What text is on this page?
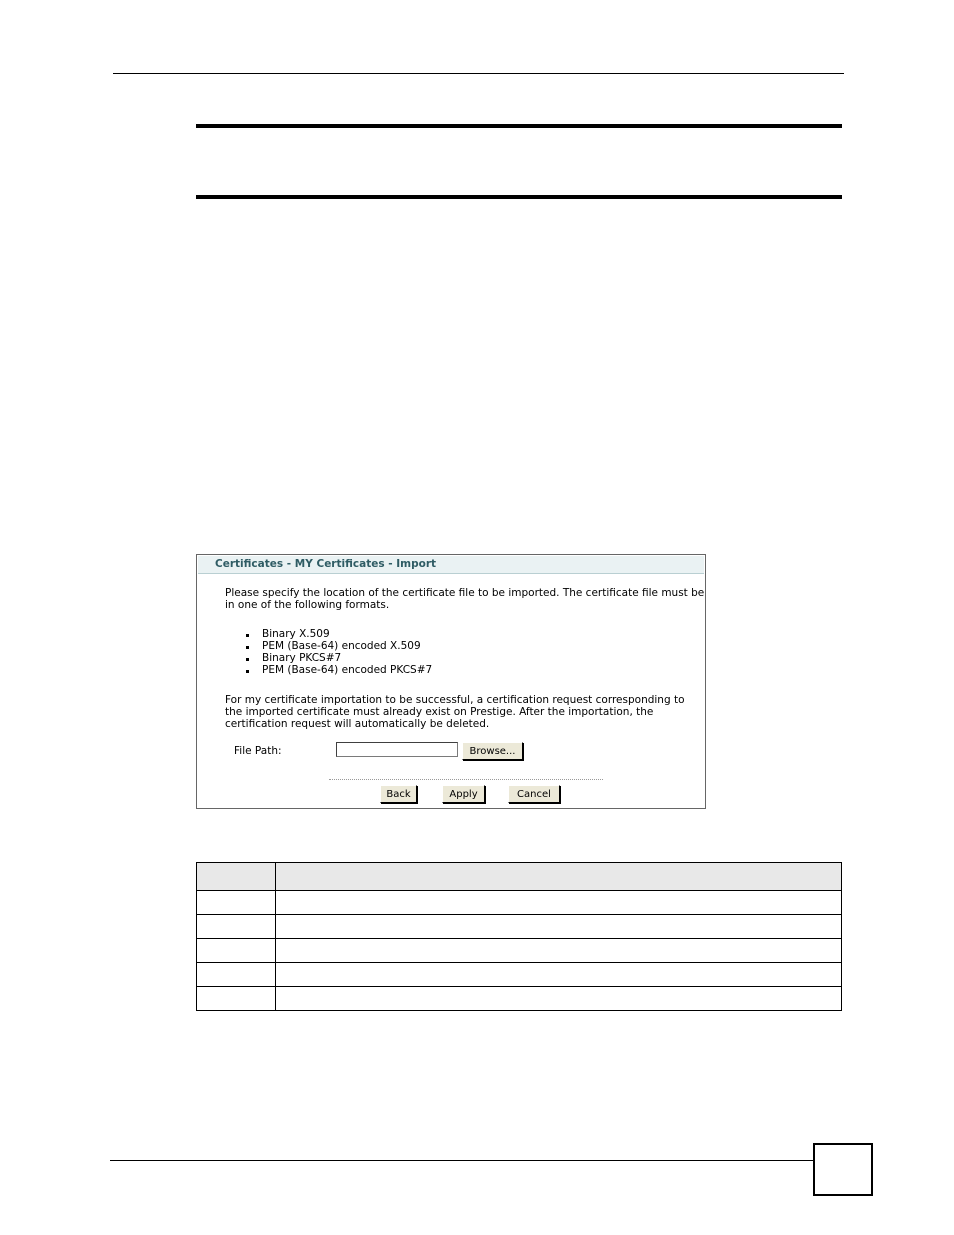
Certificates - MY Certificates - Import
Please specify the location of the certificate file to be imported. The certificate file must be in one of the following formats.
Binary X.509
PEM (Base-64) encoded X.509
Binary PKCS#7
PEM (Base-64) encoded PKCS#7
For my certificate importation to be successful, a certification request corresponding to the imported certificate must already exist on Prestige. After the importation, the certification request will automatically be deleted.
File Path:	Browse...
Back	Apply	Cancel
